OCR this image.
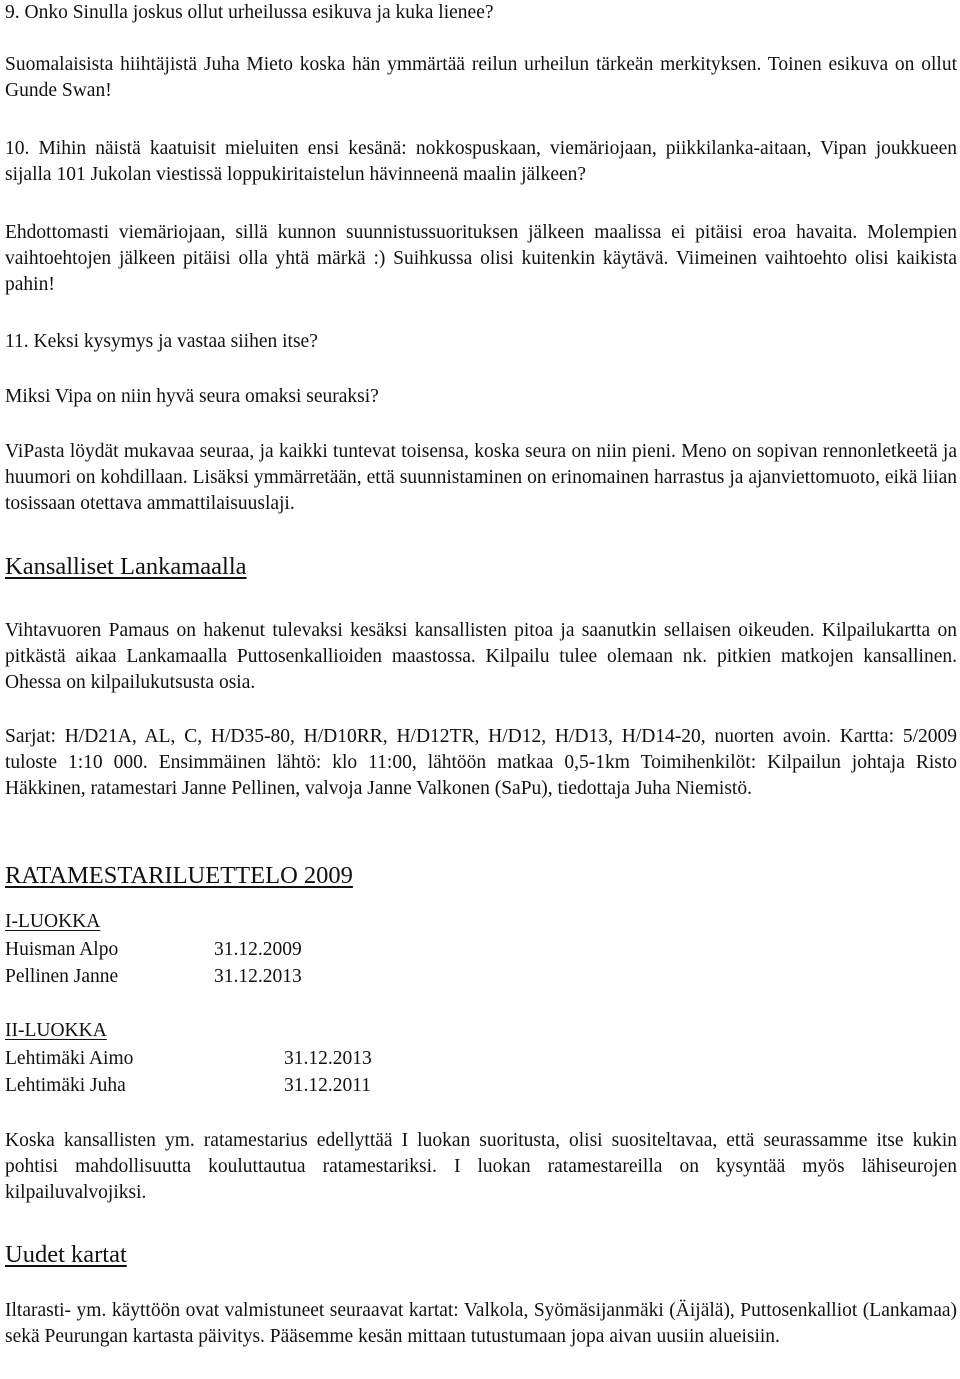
9. Onko Sinulla joskus ollut urheilussa esikuva ja kuka lienee?

Suomalaisista hiihtäjistä Juha Mieto koska hän ymmärtää reilun urheilun tärkeän merkityksen. Toinen esikuva on ollut Gunde Swan!

10. Mihin näistä kaatuisit mieluiten ensi kesänä: nokkospuskaan, viemäriojaan, piikkilanka-aitaan, Vipan joukkueen sijalla 101 Jukolan viestissä loppukiritaistelun hävinneenä maalin jälkeen?

Ehdottomasti viemäriojaan, sillä kunnon suunnistussuorituksen jälkeen maalissa ei pitäisi eroa havaita. Molempien vaihtoehtojen jälkeen pitäisi olla yhtä märkä :) Suihkussa olisi kuitenkin käytävä. Viimeinen vaihtoehto olisi kaikista pahin!

11. Keksi kysymys ja vastaa siihen itse?

Miksi Vipa on niin hyvä seura omaksi seuraksi?

ViPasta löydät mukavaa seuraa, ja kaikki tuntevat toisensa, koska seura on niin pieni. Meno on sopivan rennonletkeetä ja huumori on kohdillaan. Lisäksi ymmärretään, että suunnistaminen on erinomainen harrastus ja ajanviettomuoto, eikä liian tosissaan otettava ammattilaisuuslaji.

Kansalliset Lankamaalla

Vihtavuoren Pamaus on hakenut tulevaksi kesäksi kansallisten pitoa ja saanutkin sellaisen oikeuden. Kilpailukartta on pitkästä aikaa Lankamaalla Puttosenkallioiden maastossa. Kilpailu tulee olemaan nk. pitkien matkojen kansallinen. Ohessa on kilpailukutsusta osia.

Sarjat: H/D21A, AL, C, H/D35-80, H/D10RR, H/D12TR, H/D12, H/D13, H/D14-20, nuorten avoin. Kartta: 5/2009 tuloste 1:10 000. Ensimmäinen lähtö: klo 11:00, lähtöön matkaa 0,5-1km Toimihenkilöt: Kilpailun johtaja Risto Häkkinen, ratamestari Janne Pellinen, valvoja Janne Valkonen (SaPu), tiedottaja Juha Niemistö.

RATAMESTARILUETTELO 2009

I-LUOKKA

Huisman Alpo	31.12.2009
Pellinen Janne	31.12.2013

II-LUOKKA

Lehtimäki Aimo	31.12.2013
Lehtimäki Juha	31.12.2011

Koska kansallisten ym. ratamestarius edellyttää I luokan suoritusta, olisi suositeltavaa, että seurassamme itse kukin pohtisi mahdollisuutta kouluttautua ratamestariksi. I luokan ratamestareilla on kysyntää myös lähiseurojen kilpailuvalvojiksi.

Uudet kartat

Iltarasti- ym. käyttöön ovat valmistuneet seuraavat kartat: Valkola, Syömäsijanmäki (Äijälä), Puttosenkalliot (Lankamaa) sekä Peurungan kartasta päivitys. Pääsemme kesän mittaan tutustumaan jopa aivan uusiin alueisiin.
